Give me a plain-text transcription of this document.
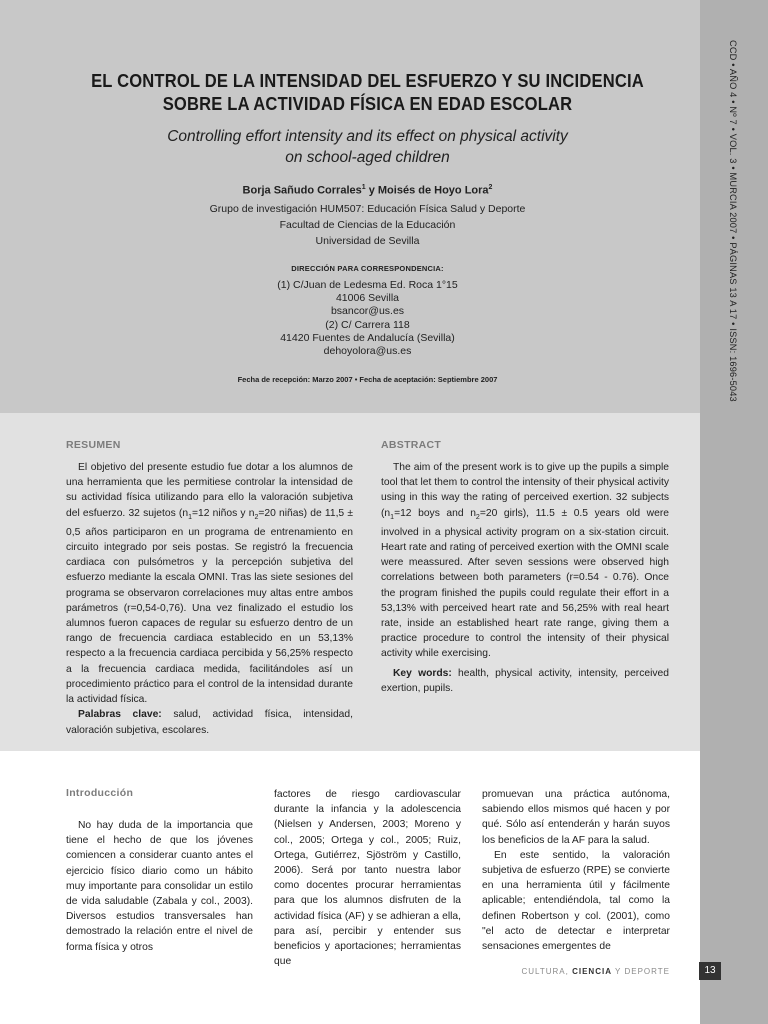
CCD • AÑO 4 • Nº 7 • VOL. 3 • MURCIA 2007 • PÁGINAS 13 A 17 • ISSN: 1696-5043
EL CONTROL DE LA INTENSIDAD DEL ESFUERZO Y SU INCIDENCIA
SOBRE LA ACTIVIDAD FÍSICA EN EDAD ESCOLAR
Controlling effort intensity and its effect on physical activity
on school-aged children
Borja Sañudo Corrales$^1$ y Moisés de Hoyo Lora$^2$
Grupo de investigación HUM507: Educación Física Salud y Deporte
Facultad de Ciencias de la Educación
Universidad de Sevilla
DIRECCIÓN PARA CORRESPONDENCIA:
(1) C/Juan de Ledesma Ed. Roca 1°15
41006 Sevilla
bsancor@us.es
(2) C/ Carrera 118
41420 Fuentes de Andalucía (Sevilla)
dehoyolora@us.es
Fecha de recepción: Marzo 2007 • Fecha de aceptación: Septiembre 2007
RESUMEN

El objetivo del presente estudio fue dotar a los alumnos de una herramienta que les permitiese controlar la intensidad de su actividad física utilizando para ello la valoración subjetiva del esfuerzo. 32 sujetos ($n_1=12$ niños y $n_2=20$ niñas) de 11,5 ± 0,5 años participaron en un programa de entrenamiento en circuito integrado por seis postas. Se registró la frecuencia cardiaca con pulsómetros y la percepción subjetiva del esfuerzo mediante la escala OMNI. Tras las siete sesiones del programa se observaron correlaciones muy altas entre ambos parámetros (r=0,54-0,76). Una vez finalizado el estudio los alumnos fueron capaces de regular su esfuerzo dentro de un rango de frecuencia cardiaca establecido en un 53,13% respecto a la frecuencia cardiaca percibida y 56,25% respecto a la frecuencia cardiaca medida, facilitándoles así un procedimiento práctico para el control de la intensidad durante la actividad física.

Palabras clave: salud, actividad física, intensidad, valoración subjetiva, escolares.

ABSTRACT

The aim of the present work is to give up the pupils a simple tool that let them to control the intensity of their physical activity using in this way the rating of perceived exertion. 32 subjects ($n_1=12$ boys and $n_2=20$ girls), 11.5 ± 0.5 years old were involved in a physical activity program on a six-station circuit. Heart rate and rating of perceived exertion with the OMNI scale were meassured. After seven sessions were observed high correlations between both parameters (r=0.54 - 0.76). Once the program finished the pupils could regulate their effort in a 53,13% with perceived heart rate and 56,25% with real heart rate, inside an established heart rate range, giving them a practice procedure to control the intensity of their physical activity while exercising.

Key words: health, physical activity, intensity, perceived exertion, pupils.

Introducción

No hay duda de la importancia que tiene el hecho de que los jóvenes comiencen a considerar cuanto antes el ejercicio físico diario como un hábito muy importante para consolidar un estilo de vida saludable (Zabala y col., 2003). Diversos estudios transversales han demostrado la relación entre el nivel de forma física y otros

factores de riesgo cardiovascular durante la infancia y la adolescencia (Nielsen y Andersen, 2003; Moreno y col., 2005; Ortega y col., 2005; Ruiz, Ortega, Gutiérrez, Sjöström y Castillo, 2006). Será por tanto nuestra labor como docentes procurar herramientas para que los alumnos disfruten de la actividad física (AF) y se adhieran a ella, para así, percibir y entender sus beneficios y aportaciones; herramientas que

promuevan una práctica autónoma, sabiendo ellos mismos qué hacen y por qué. Sólo así entenderán y harán suyos los beneficios de la AF para la salud.

En este sentido, la valoración subjetiva de esfuerzo (RPE) se convierte en una herramienta útil y fácilmente aplicable; entendiéndola, tal como la definen Robertson y col. (2001), como "el acto de detectar e interpretar sensaciones emergentes de

CULTURA, CIENCIA Y DEPORTE	13
